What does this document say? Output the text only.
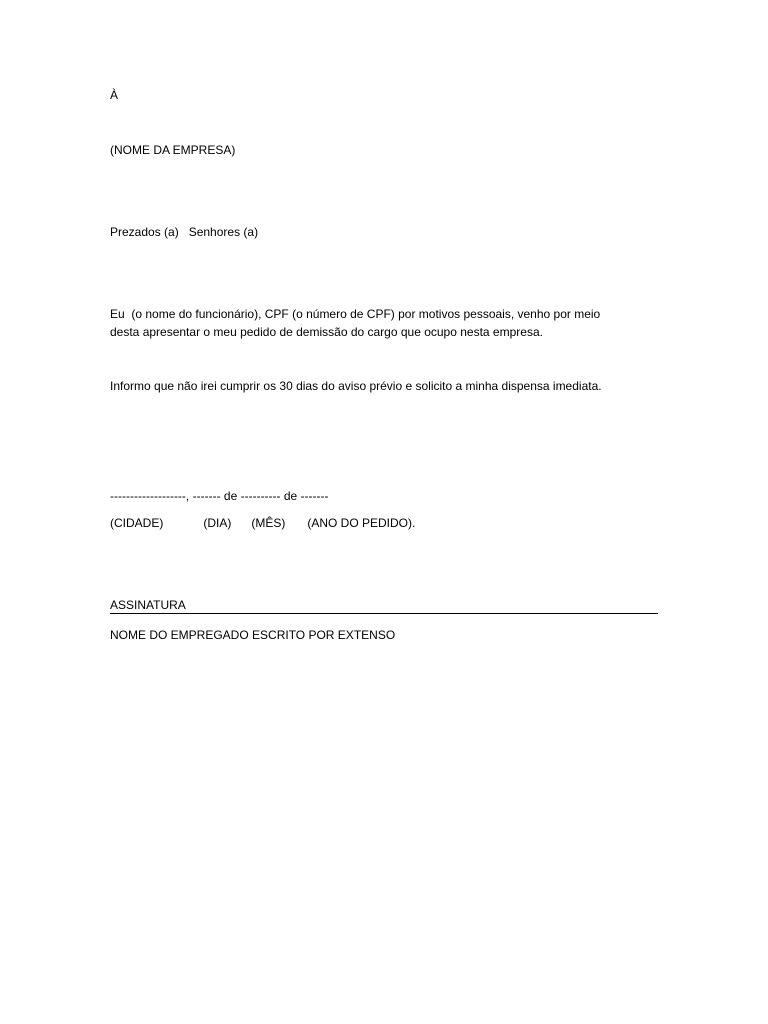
À
(NOME DA EMPRESA)
Prezados (a)   Senhores (a)

Eu  (o nome do funcionário), CPF (o número de CPF) por motivos pessoais, venho por meio

desta apresentar o meu pedido de demissão do cargo que ocupo nesta empresa.

Informo que não irei cumprir os 30 dias do aviso prévio e solicito a minha dispensa imediata.
-------------------, ------- de ---------- de -------
(CIDADE)	(DIA) (MÊS) (ANO DO PEDIDO).
ASSINATURA
NOME DO EMPREGADO ESCRITO POR EXTENSO
